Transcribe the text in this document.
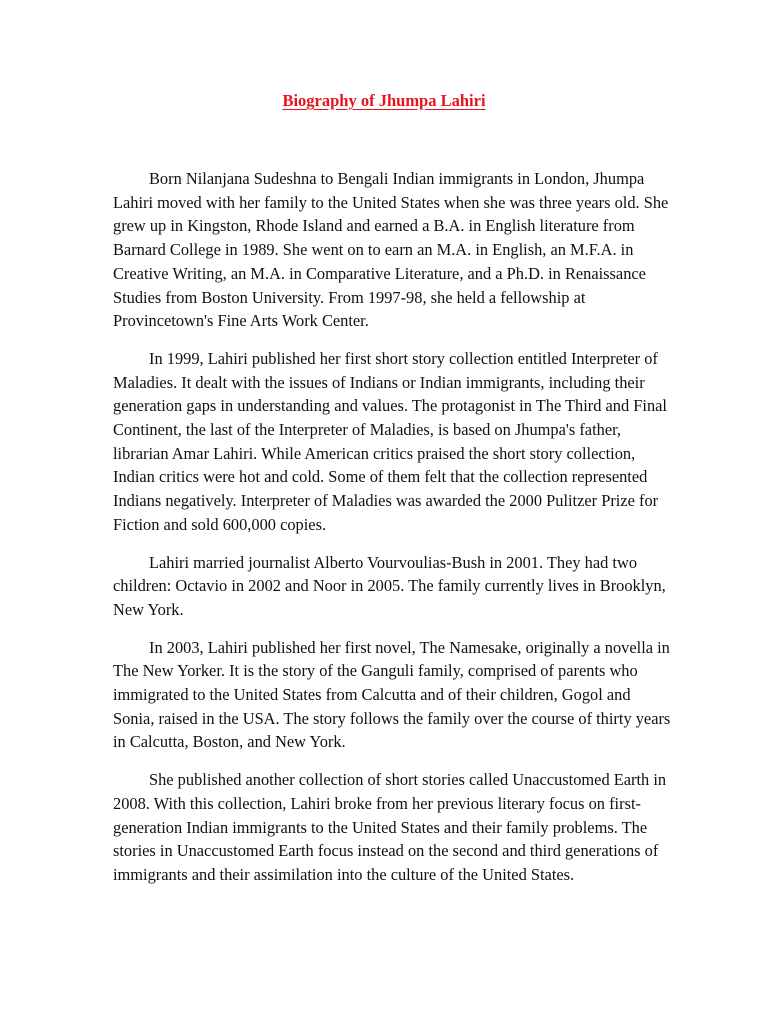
Biography of Jhumpa Lahiri

Born Nilanjana Sudeshna to Bengali Indian immigrants in London, Jhumpa Lahiri moved with her family to the United States when she was three years old. She grew up in Kingston, Rhode Island and earned a B.A. in English literature from Barnard College in 1989. She went on to earn an M.A. in English, an M.F.A. in Creative Writing, an M.A. in Comparative Literature, and a Ph.D. in Renaissance Studies from Boston University. From 1997-98, she held a fellowship at Provincetown's Fine Arts Work Center.

In 1999, Lahiri published her first short story collection entitled Interpreter of Maladies. It dealt with the issues of Indians or Indian immigrants, including their generation gaps in understanding and values. The protagonist in The Third and Final Continent, the last of the Interpreter of Maladies, is based on Jhumpa's father, librarian Amar Lahiri. While American critics praised the short story collection, Indian critics were hot and cold. Some of them felt that the collection represented Indians negatively. Interpreter of Maladies was awarded the 2000 Pulitzer Prize for Fiction and sold 600,000 copies.

Lahiri married journalist Alberto Vourvoulias-Bush in 2001. They had two children: Octavio in 2002 and Noor in 2005. The family currently lives in Brooklyn, New York.

In 2003, Lahiri published her first novel, The Namesake, originally a novella in The New Yorker. It is the story of the Ganguli family, comprised of parents who immigrated to the United States from Calcutta and of their children, Gogol and Sonia, raised in the USA. The story follows the family over the course of thirty years in Calcutta, Boston, and New York.

She published another collection of short stories called Unaccustomed Earth in 2008. With this collection, Lahiri broke from her previous literary focus on first-generation Indian immigrants to the United States and their family problems. The stories in Unaccustomed Earth focus instead on the second and third generations of immigrants and their assimilation into the culture of the United States.
